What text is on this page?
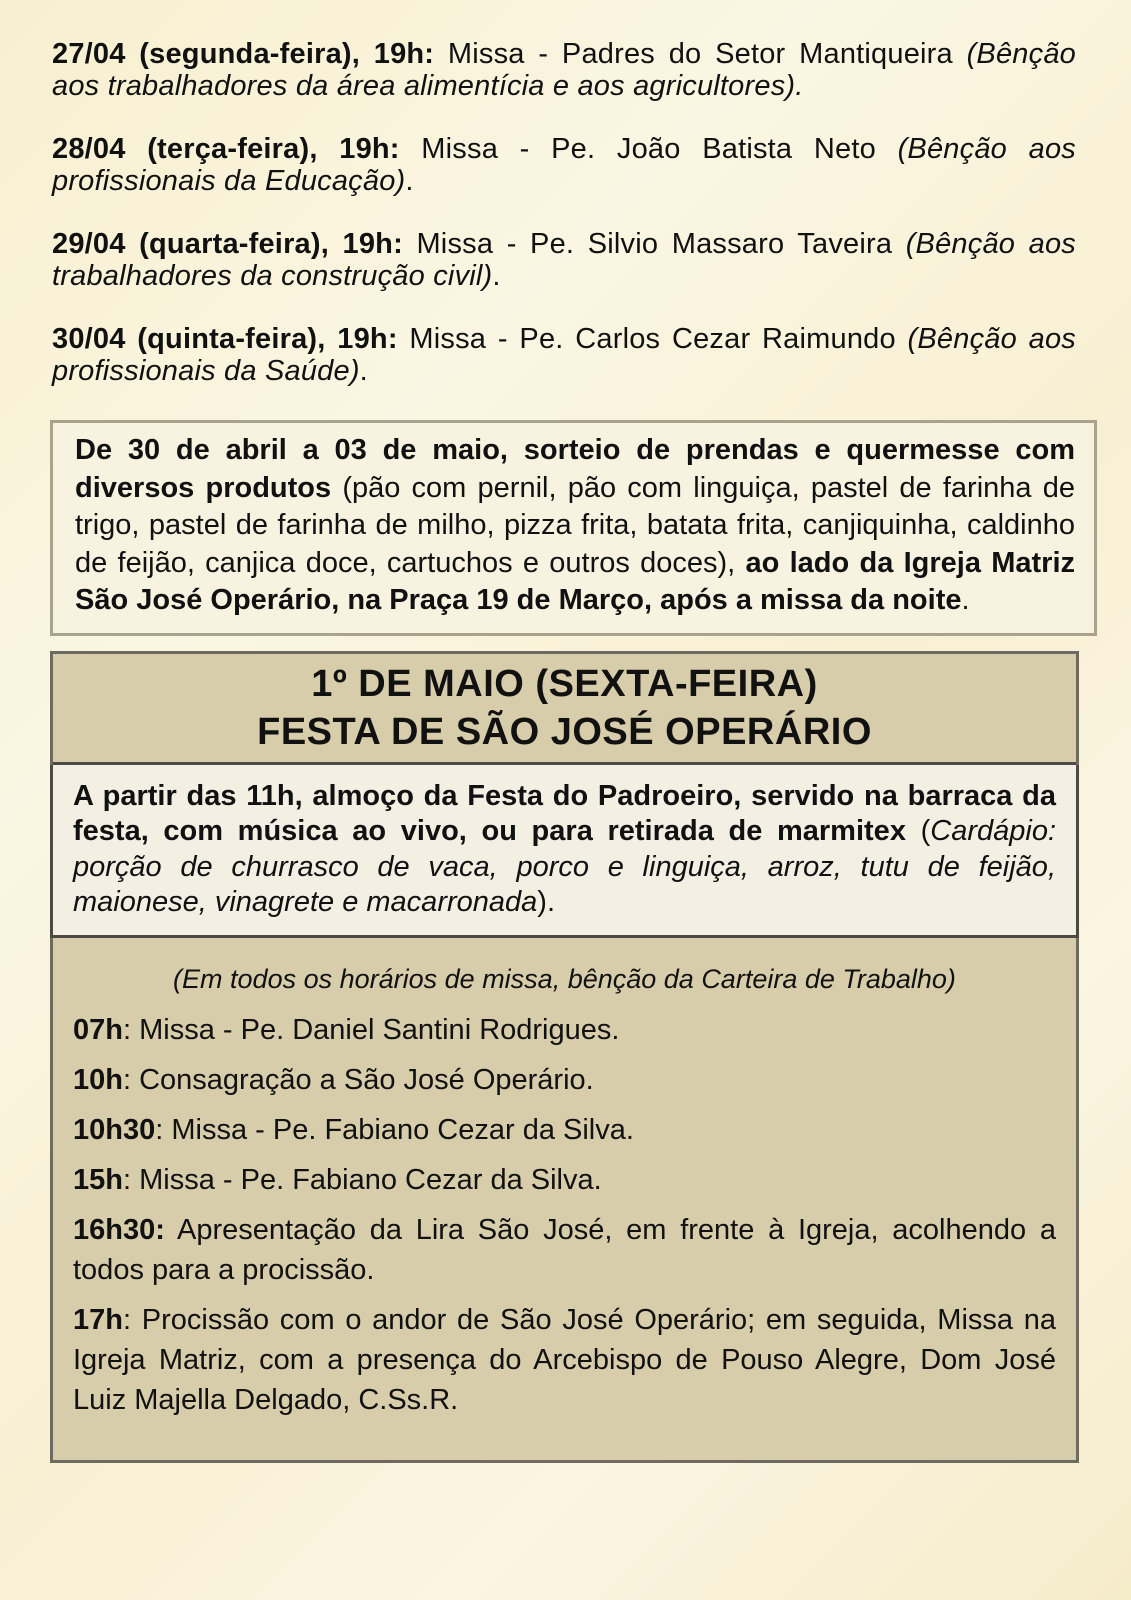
27/04 (segunda-feira), 19h: Missa - Padres do Setor Mantiqueira (Bênção aos trabalhadores da área alimentícia e aos agricultores).
28/04 (terça-feira), 19h: Missa - Pe. João Batista Neto (Bênção aos profissionais da Educação).
29/04 (quarta-feira), 19h: Missa - Pe. Silvio Massaro Taveira (Bênção aos trabalhadores da construção civil).
30/04 (quinta-feira), 19h: Missa - Pe. Carlos Cezar Raimundo (Bênção aos profissionais da Saúde).
De 30 de abril a 03 de maio, sorteio de prendas e quermesse com diversos produtos (pão com pernil, pão com linguiça, pastel de farinha de trigo, pastel de farinha de milho, pizza frita, batata frita, canjiquinha, caldinho de feijão, canjica doce, cartuchos e outros doces), ao lado da Igreja Matriz São José Operário, na Praça 19 de Março, após a missa da noite.
1º DE MAIO (SEXTA-FEIRA)
FESTA DE SÃO JOSÉ OPERÁRIO
A partir das 11h, almoço da Festa do Padroeiro, servido na barraca da festa, com música ao vivo, ou para retirada de marmitex (Cardápio: porção de churrasco de vaca, porco e linguiça, arroz, tutu de feijão, maionese, vinagrete e macarronada).
(Em todos os horários de missa, bênção da Carteira de Trabalho)
07h: Missa - Pe. Daniel Santini Rodrigues.
10h: Consagração a São José Operário.
10h30: Missa - Pe. Fabiano Cezar da Silva.
15h: Missa - Pe. Fabiano Cezar da Silva.
16h30: Apresentação da Lira São José, em frente à Igreja, acolhendo a todos para a procissão.
17h: Procissão com o andor de São José Operário; em seguida, Missa na Igreja Matriz, com a presença do Arcebispo de Pouso Alegre, Dom José Luiz Majella Delgado, C.Ss.R.
